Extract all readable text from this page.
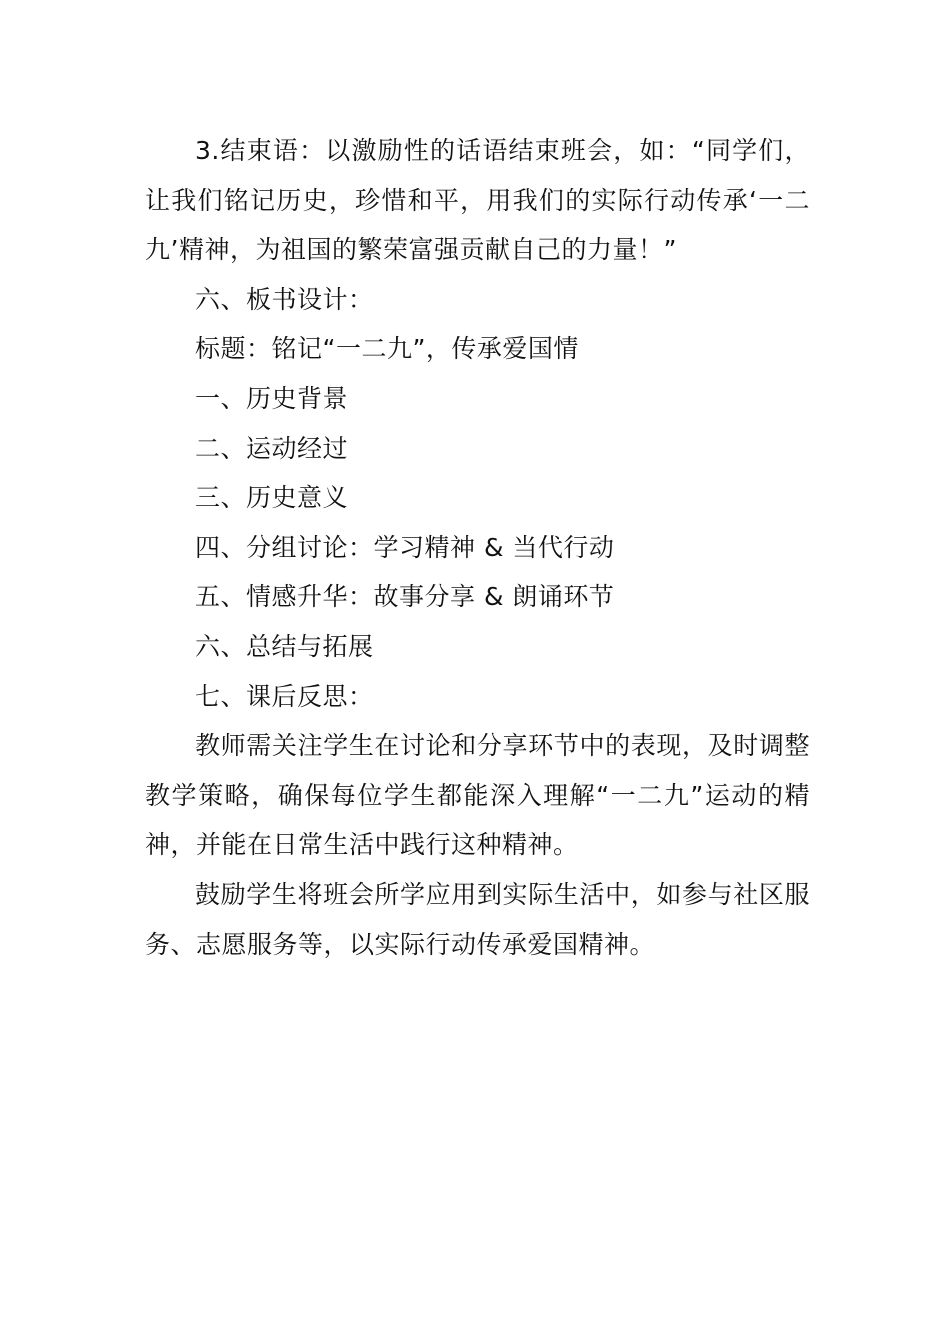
3.结束语：以激励性的话语结束班会，如：“同学们，让我们铭记历史，珍惜和平，用我们的实际行动传承‘一二九’精神，为祖国的繁荣富强贡献自己的力量！”

六、板书设计：

标题：铭记“一二九”，传承爱国情

一、历史背景

二、运动经过

三、历史意义

四、分组讨论：学习精神 & 当代行动

五、情感升华：故事分享 & 朗诵环节

六、总结与拓展

七、课后反思：

教师需关注学生在讨论和分享环节中的表现，及时调整教学策略，确保每位学生都能深入理解“一二九”运动的精神，并能在日常生活中践行这种精神。

鼓励学生将班会所学应用到实际生活中，如参与社区服务、志愿服务等，以实际行动传承爱国精神。
